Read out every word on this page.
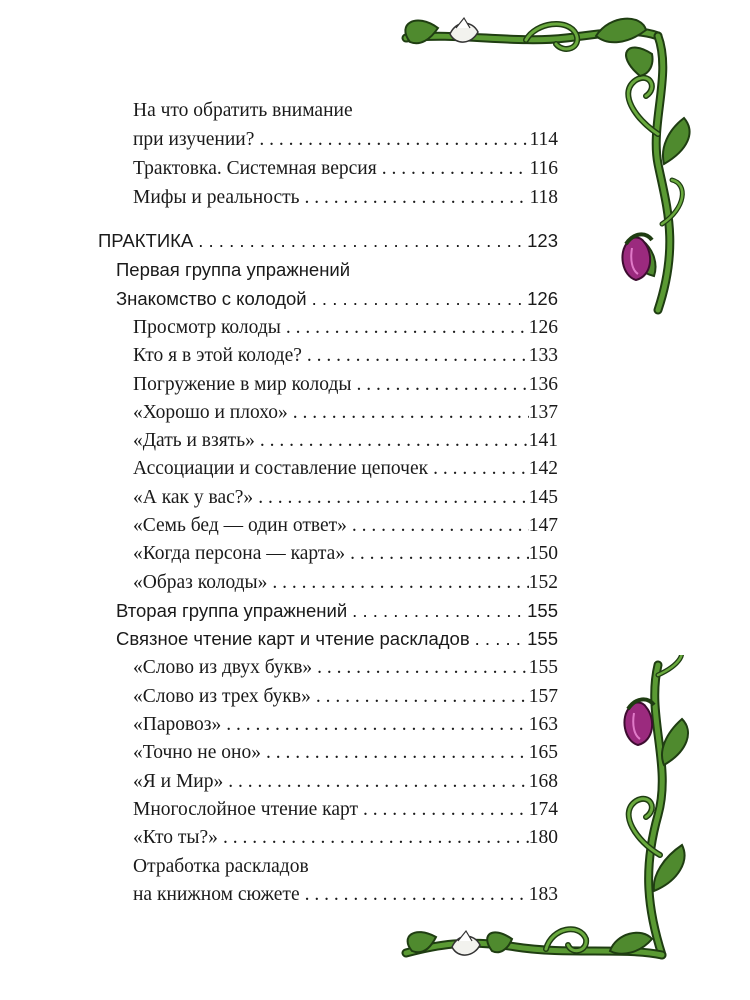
На что обратить внимание
при изучении? . . .	114
Трактовка. Системная версия . . .	116
Мифы и реальность . . .	118
ПРАКТИКА . . .	123
Первая группа упражнений
Знакомство с колодой . . .	126
Просмотр колоды . . .	126
Кто я в этой колоде? . . .	133
Погружение в мир колоды . . .	136
«Хорошо и плохо» . . .	137
«Дать и взять» . . .	141
Ассоциации и составление цепочек . . .	142
«А как у вас?» . . .	145
«Семь бед — один ответ» . . .	147
«Когда персона — карта» . . .	150
«Образ колоды» . . .	152
Вторая группа упражнений . . .	155
Связное чтение карт и чтение раскладов . . .	155
«Слово из двух букв» . . .	155
«Слово из трех букв» . . .	157
«Паровоз» . . .	163
«Точно не оно» . . .	165
«Я и Мир» . . .	168
Многослойное чтение карт . . .	174
«Кто ты?» . . .	180
Отработка раскладов
на книжном сюжете . . .	183
